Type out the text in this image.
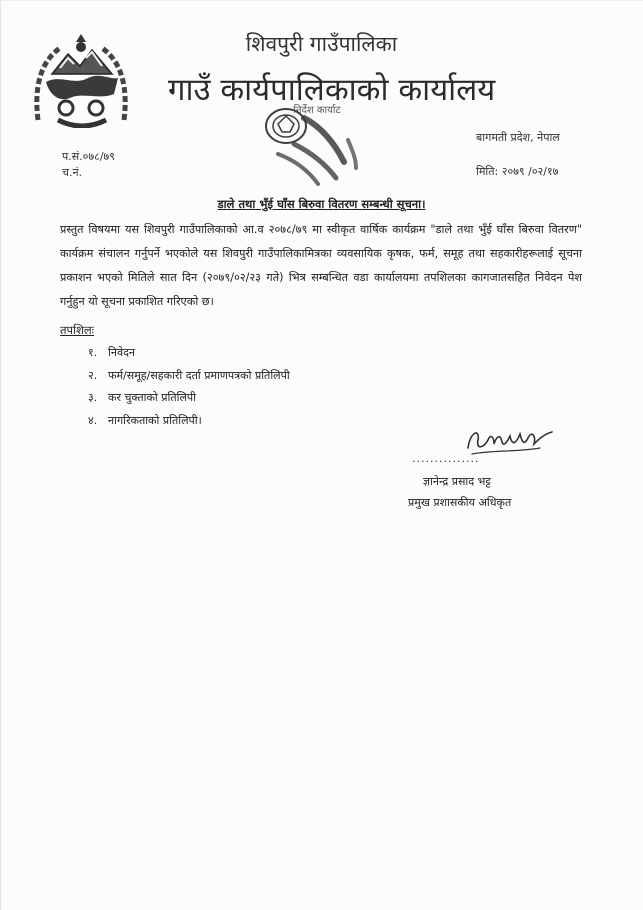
शिवपुरी गाउँपालिका
गाउँ कार्यपालिकाको कार्यालय
निर्देश कार्याट
बागमती प्रदेश, नेपाल
प.सं.०७८/७९
च.नं.	मिति: २०७९ /०२/१७
डाले तथा भुँई घाँस बिरुवा वितरण सम्बन्धी सूचना।
प्रस्तुत विषयमा यस शिवपुरी गाउँपालिकाको आ.व २०७८/७९ मा स्वीकृत वार्षिक कार्यक्रम "डाले तथा भुँई घाँस बिरुवा वितरण" कार्यक्रम संचालन गर्नुपर्ने भएकोले यस शिवपुरी गाउँपालिकामित्रका व्यवसायिक कृषक, फर्म, समूह तथा सहकारीहरूलाई सूचना प्रकाशन भएको मितिले सात दिन (२०७९/०२/२३ गते) भित्र सम्बन्धित वडा कार्यालयमा तपशिलका कागजातसहित निवेदन पेश गर्नुहुन यो सूचना प्रकाशित गरिएको छ।
तपशिलः
१. निवेदन
२. फर्म/समूह/सहकारी दर्ता प्रमाणपत्रको प्रतिलिपी
३. कर चुक्ताको प्रतिलिपी
४. नागरिकताको प्रतिलिपी।
...............
ज्ञानेन्द्र प्रसाद भट्ट
प्रमुख प्रशासकीय अधिकृत
